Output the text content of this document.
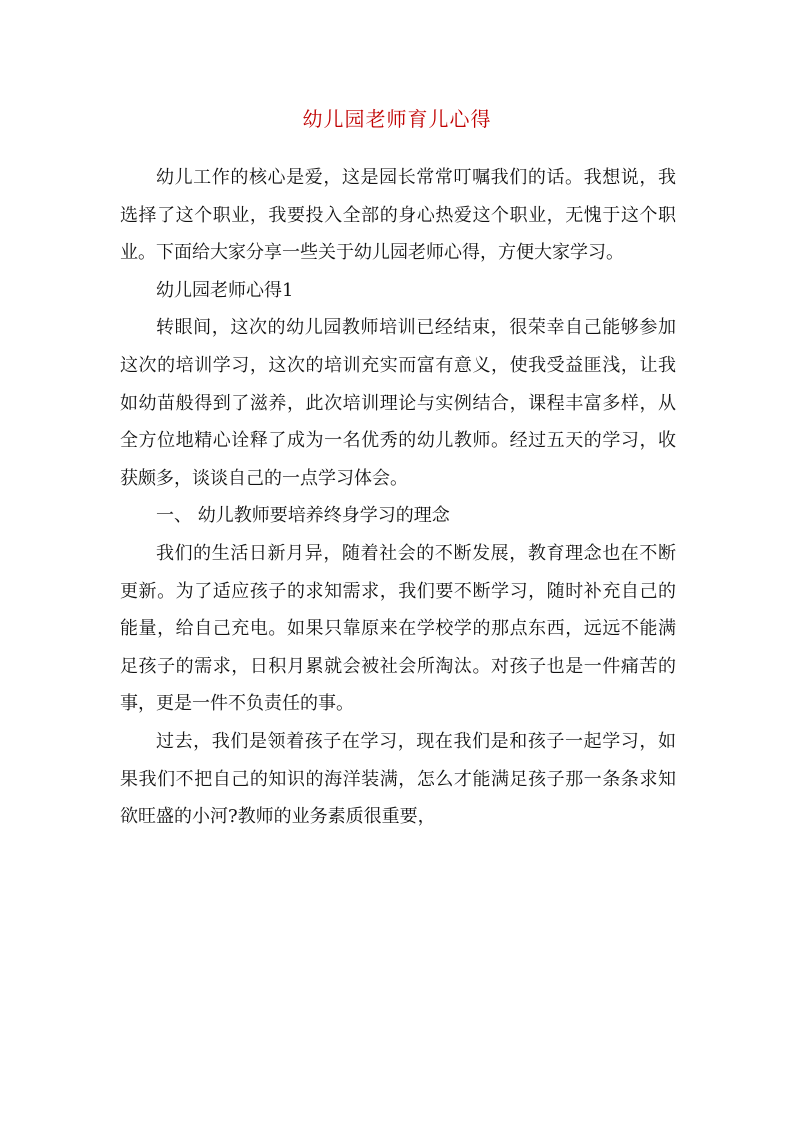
幼儿园老师育儿心得

幼儿工作的核心是爱，这是园长常常叮嘱我们的话。我想说，我选择了这个职业，我要投入全部的身心热爱这个职业，无愧于这个职业。下面给大家分享一些关于幼儿园老师心得，方便大家学习。

幼儿园老师心得1

转眼间，这次的幼儿园教师培训已经结束，很荣幸自己能够参加这次的培训学习，这次的培训充实而富有意义，使我受益匪浅，让我如幼苗般得到了滋养，此次培训理论与实例结合，课程丰富多样，从全方位地精心诠释了成为一名优秀的幼儿教师。经过五天的学习，收获颇多，谈谈自己的一点学习体会。

一、 幼儿教师要培养终身学习的理念

我们的生活日新月异，随着社会的不断发展，教育理念也在不断更新。为了适应孩子的求知需求，我们要不断学习，随时补充自己的能量，给自己充电。如果只靠原来在学校学的那点东西，远远不能满足孩子的需求，日积月累就会被社会所淘汰。对孩子也是一件痛苦的事，更是一件不负责任的事。

过去，我们是领着孩子在学习，现在我们是和孩子一起学习，如果我们不把自己的知识的海洋装满，怎么才能满足孩子那一条条求知欲旺盛的小河?教师的业务素质很重要，
